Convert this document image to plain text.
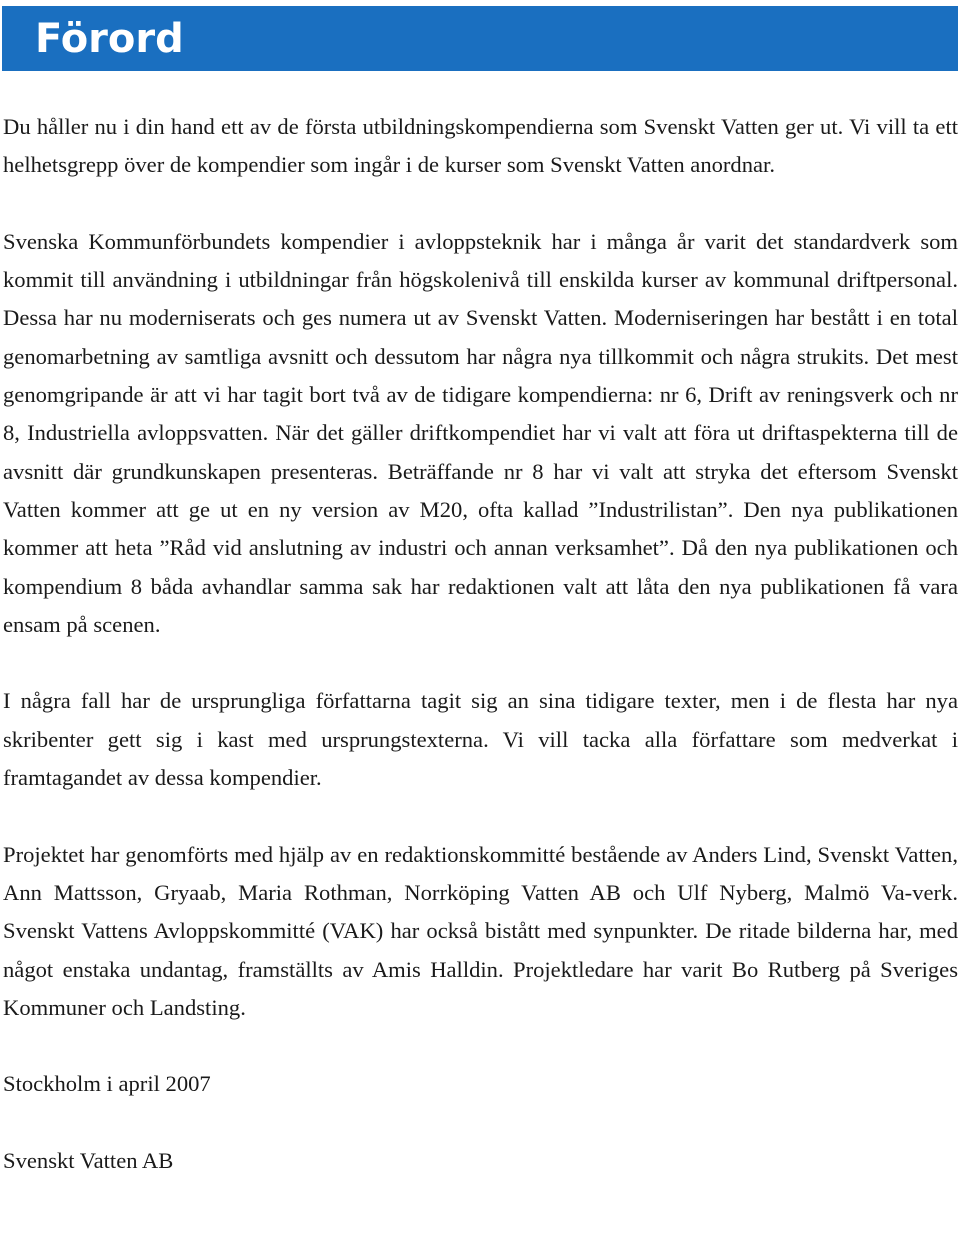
Förord

Du håller nu i din hand ett av de första utbildningskompendierna som Svenskt Vatten ger ut. Vi vill ta ett helhetsgrepp över de kompendier som ingår i de kurser som Svenskt Vatten anordnar.

Svenska Kommunförbundets kompendier i avloppsteknik har i många år varit det standardverk som kommit till användning i utbildningar från högskolenivå till enskilda kurser av kommunal driftpersonal. Dessa har nu moderniserats och ges numera ut av Svenskt Vatten. Moderniseringen har bestått i en total genomarbetning av samtliga avsnitt och dessutom har några nya tillkommit och några strukits. Det mest genomgripande är att vi har tagit bort två av de tidigare kompendierna: nr 6, Drift av reningsverk och nr 8, Industriella avloppsvatten. När det gäller driftkompendiet har vi valt att föra ut driftaspekterna till de avsnitt där grundkunskapen presenteras. Beträffande nr 8 har vi valt att stryka det eftersom Svenskt Vatten kommer att ge ut en ny version av M20, ofta kallad ”Industrilistan”. Den nya publikationen kommer att heta ”Råd vid anslutning av industri och annan verksamhet”. Då den nya publikationen och kompendium 8 båda avhandlar samma sak har redaktionen valt att låta den nya publikationen få vara ensam på scenen.

I några fall har de ursprungliga författarna tagit sig an sina tidigare texter, men i de flesta har nya skribenter gett sig i kast med ursprungstexterna. Vi vill tacka alla författare som medverkat i framtagandet av dessa kompendier.

Projektet har genomförts med hjälp av en redaktionskommitté bestående av Anders Lind, Svenskt Vatten, Ann Mattsson, Gryaab, Maria Rothman, Norrköping Vatten AB och Ulf Nyberg, Malmö Va-verk. Svenskt Vattens Avloppskommitté (VAK) har också bistått med synpunkter. De ritade bilderna har, med något enstaka undantag, framställts av Amis Halldin. Projektledare har varit Bo Rutberg på Sveriges Kommuner och Landsting.

Stockholm i april 2007

Svenskt Vatten AB
